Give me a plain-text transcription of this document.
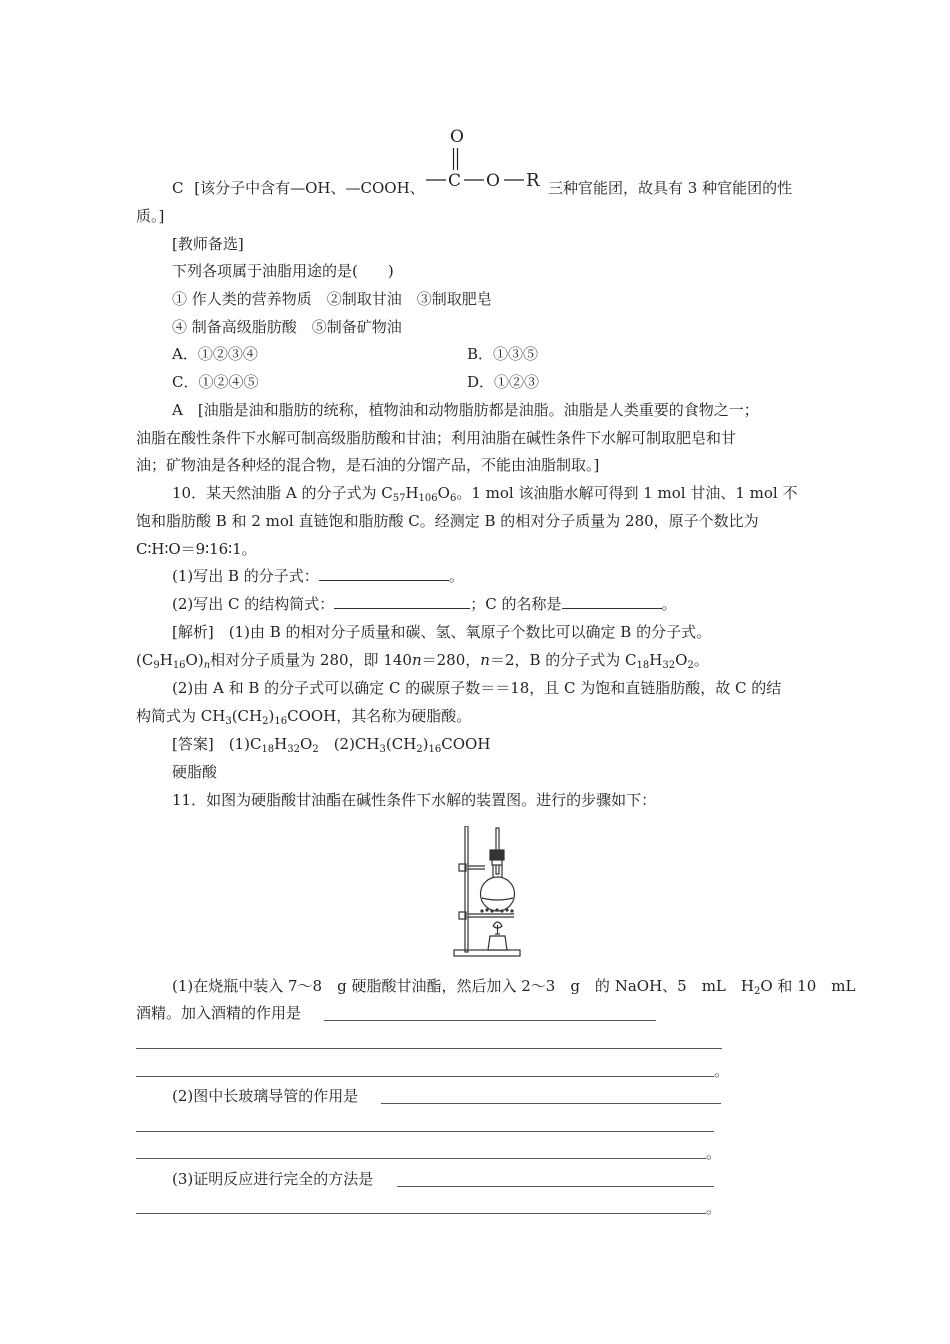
C [该分子中含有—OH、—COOH、
O
C O R 三种官能团，故具有 3 种官能团的性
质。]
[教师备选]
下列各项属于油脂用途的是(　　)
① 作人类的营养物质　②制取甘油　③制取肥皂
④ 制备高级脂肪酸　⑤制备矿物油
A．①②③④	B．①③⑤
C．①②④⑤	D．①②③
A　[油脂是油和脂肪的统称，植物油和动物脂肪都是油脂。油脂是人类重要的食物之一；
油脂在酸性条件下水解可制高级脂肪酸和甘油；利用油脂在碱性条件下水解可制取肥皂和甘
油；矿物油是各种烃的混合物，是石油的分馏产品，不能由油脂制取。]
10．某天然油脂 A 的分子式为 $C_{57}H_{106}O_6$。1 mol 该油脂水解可得到 1 mol 甘油、1 mol 不
饱和脂肪酸 B 和 2 mol 直链饱和脂肪酸 C。经测定 B 的相对分子质量为 280，原子个数比为
C∶H∶O＝9∶16∶1。
(1)写出 B 的分子式：	。
(2)写出 C 的结构简式：	；C 的名称是	。
[解析]　(1)由 B 的相对分子质量和碳、氢、氧原子个数比可以确定 B 的分子式。
$(C_9H_{16}O)_n$相对分子质量为 280，即 140n＝280，n＝2，B 的分子式为 $C_{18}H_{32}O_2$。
(2)由 A 和 B 的分子式可以确定 C 的碳原子数＝＝18，且 C 为饱和直链脂肪酸，故 C 的结
构简式为 $CH_3(CH_2)_{16}COOH$，其名称为硬脂酸。
[答案]　$(1)C_{18}H_{32}O_2$　$(2)CH_3(CH_2)_{16}COOH$
硬脂酸
11．如图为硬脂酸甘油酯在碱性条件下水解的装置图。进行的步骤如下：
(1)在烧瓶中装入 7～8　g 硬脂酸甘油酯，然后加入 2～3　g　的 NaOH、5　mL　$H_2O$ 和 10　mL
酒精。加入酒精的作用是
。
(2)图中长玻璃导管的作用是
。
(3)证明反应进行完全的方法是
。
